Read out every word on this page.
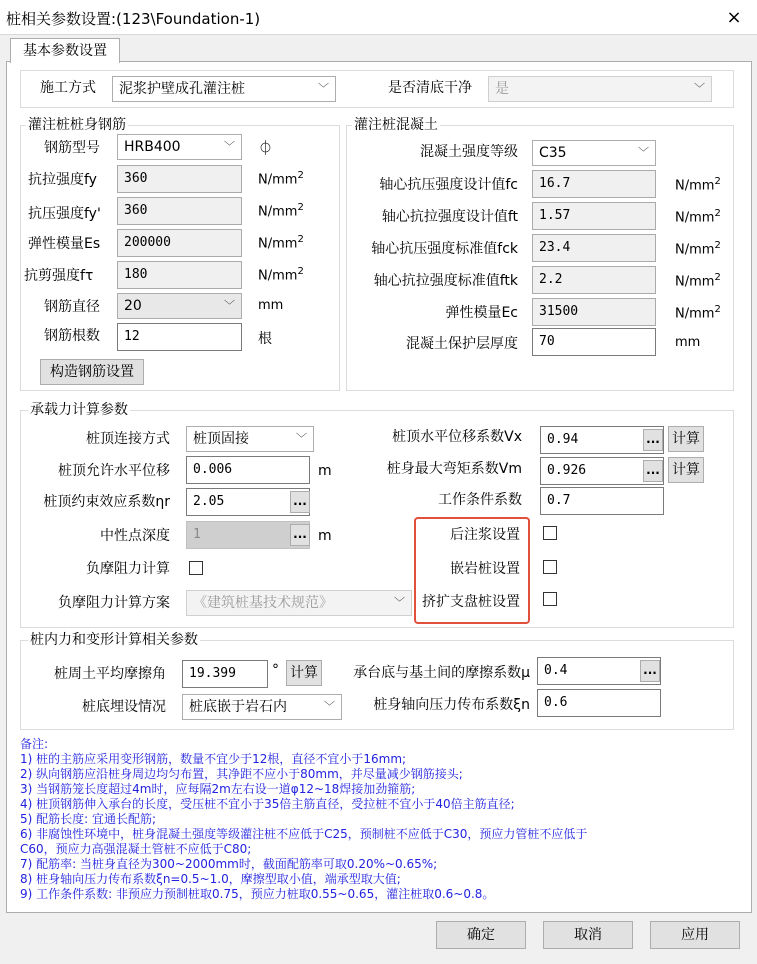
桩相关参数设置:(123\Foundation-1)	×
基本参数设置
施工方式	泥浆护壁成孔灌注桩	﹀	是否清底干净	是	﹀
灌注桩桩身钢筋
钢筋型号	HRB400	﹀ ⏀
抗拉强度fy	360	$N/mm^2$
抗压强度fy'	360	$N/mm^2$
弹性模量Es	200000	$N/mm^2$
抗剪强度fτ	180	$N/mm^2$
钢筋直径	20	﹀ mm
钢筋根数	12	根
构造钢筋设置
灌注桩混凝土
混凝土强度等级	C35	﹀
轴心抗压强度设计值fc	16.7	$N/mm^2$
轴心抗拉强度设计值ft	1.57	$N/mm^2$
轴心抗压强度标准值fck	23.4	$N/mm^2$
轴心抗拉强度标准值ftk	2.2	$N/mm^2$
弹性模量Ec	31500	$N/mm^2$
混凝土保护层厚度	70	mm
承载力计算参数
桩顶连接方式	桩顶固接	﹀
桩顶允许水平位移	0.006	m
桩顶约束效应系数ηr	2.05	...
中性点深度	1	... m
负摩阻力计算
负摩阻力计算方案	《建筑桩基技术规范》	﹀
桩顶水平位移系数Vx	0.94	... 计算
桩身最大弯矩系数Vm	0.926	... 计算
工作条件系数	0.7
后注浆设置
嵌岩桩设置
挤扩支盘桩设置
桩内力和变形计算相关参数
桩周土平均摩擦角	19.399	° 计算
桩底埋设情况	桩底嵌于岩石内	﹀
承台底与基土间的摩擦系数μ	0.4	...
桩身轴向压力传布系数ξn	0.6
备注:
1) 桩的主筋应采用变形钢筋，数量不宜少于12根，直径不宜小于16mm;
2) 纵向钢筋应沿桩身周边均匀布置，其净距不应小于80mm，并尽量减少钢筋接头;
3) 当钢筋笼长度超过4m时，应每隔2m左右设一道φ12~18焊接加劲箍筋;
4) 桩顶钢筋伸入承台的长度，受压桩不宜小于35倍主筋直径，受拉桩不宜小于40倍主筋直径;
5) 配筋长度: 宜通长配筋;
6) 非腐蚀性环境中，桩身混凝土强度等级灌注桩不应低于C25，预制桩不应低于C30，预应力管桩不应低于
C60，预应力高强混凝土管桩不应低于C80;
7) 配筋率: 当桩身直径为300~2000mm时，截面配筋率可取0.20%~0.65%;
8) 桩身轴向压力传布系数ξn=0.5~1.0，摩擦型取小值，端承型取大值;
9) 工作条件系数: 非预应力预制桩取0.75，预应力桩取0.55~0.65，灌注桩取0.6~0.8。
确定	取消	应用
